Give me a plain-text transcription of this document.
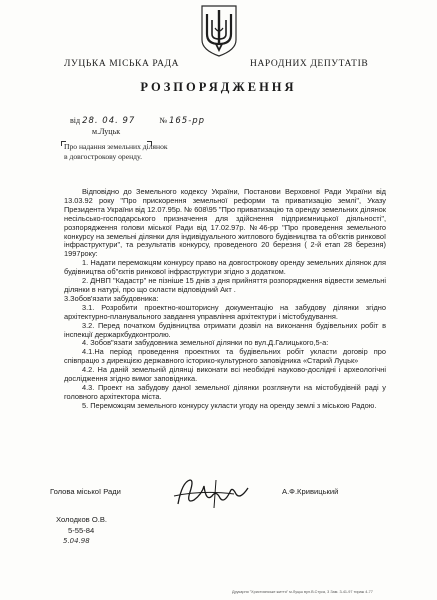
ЛУЦЬКА МІСЬКА РАДА	НАРОДНИХ ДЕПУТАТІВ
РОЗПОРЯДЖЕННЯ
від 28. 04. 97	№ 165-рр
м.Луцьк
Про надання земельних ділянок
в довгострокову оренду.

Відповідно до Земельного кодексу України, Постанови Верховної Ради України від 13.03.92 року "Про прискорення земельної реформи та приватизацію землі", Указу Президента України від 12.07.95р. № 608\95 "Про приватизацію та оренду земельних ділянок несільсько-господарського призначення для здійснення підприємницької діяльності", розпорядження голови міської Ради від 17.02.97р. №46-рр "Про проведення земельного конкурсу на земельні ділянки для індивідуального житлового будівництва та об'єктів ринкової інфраструктури", та результатів конкурсу, проведеного 20 березня ( 2-й етап 28 березня) 1997року:

1. Надати переможцям конкурсу право на довгострокову оренду земельних ділянок для будівництва об"єктів ринкової інфраструктури згідно з додатком.

2. ДНВП "Кадастр" не пізніше 15 днів з дня прийняття розпорядження відвести земельні ділянки в натурі, про що скласти відповідний Акт .

3.Зобов'язати забудовника:

3.1. Розробити проектно-кошторисну документацію на забудову ділянки згідно архітектурно-планувального завдання управління архітектури і містобудування.

3.2. Перед початком будівництва отримати дозвіл на виконання будівельних робіт в інспекції держархбудконтролю.

4. Зобов"язати забудовника земельної ділянки по вул.Д.Галицького,5-а:

4.1.На період проведення проектних та будівельних робіт укласти договір про співпрацю з дирекцією державного історико-культурного заповідника «Старий Луцьк»

4.2. На даній земельній ділянці виконати всі необхідні науково-дослідні і археологічні дослідження згідно вимог заповідника.

4.3. Проект на забудову даної земельної ділянки розглянути на містобудівній раді у головного архітектора міста.

5. Переможцям земельного конкурсу укласти угоду на оренду землі з міською Радою.

Голова міської Ради	А.Ф.Кривицький
Холодков О.В.
5-55-84
5.04.98
Друкарня "Християнське життя" м.Луцьк вул.В.Стуса, 3 Зам. 3-41-97 тираж 4-77
